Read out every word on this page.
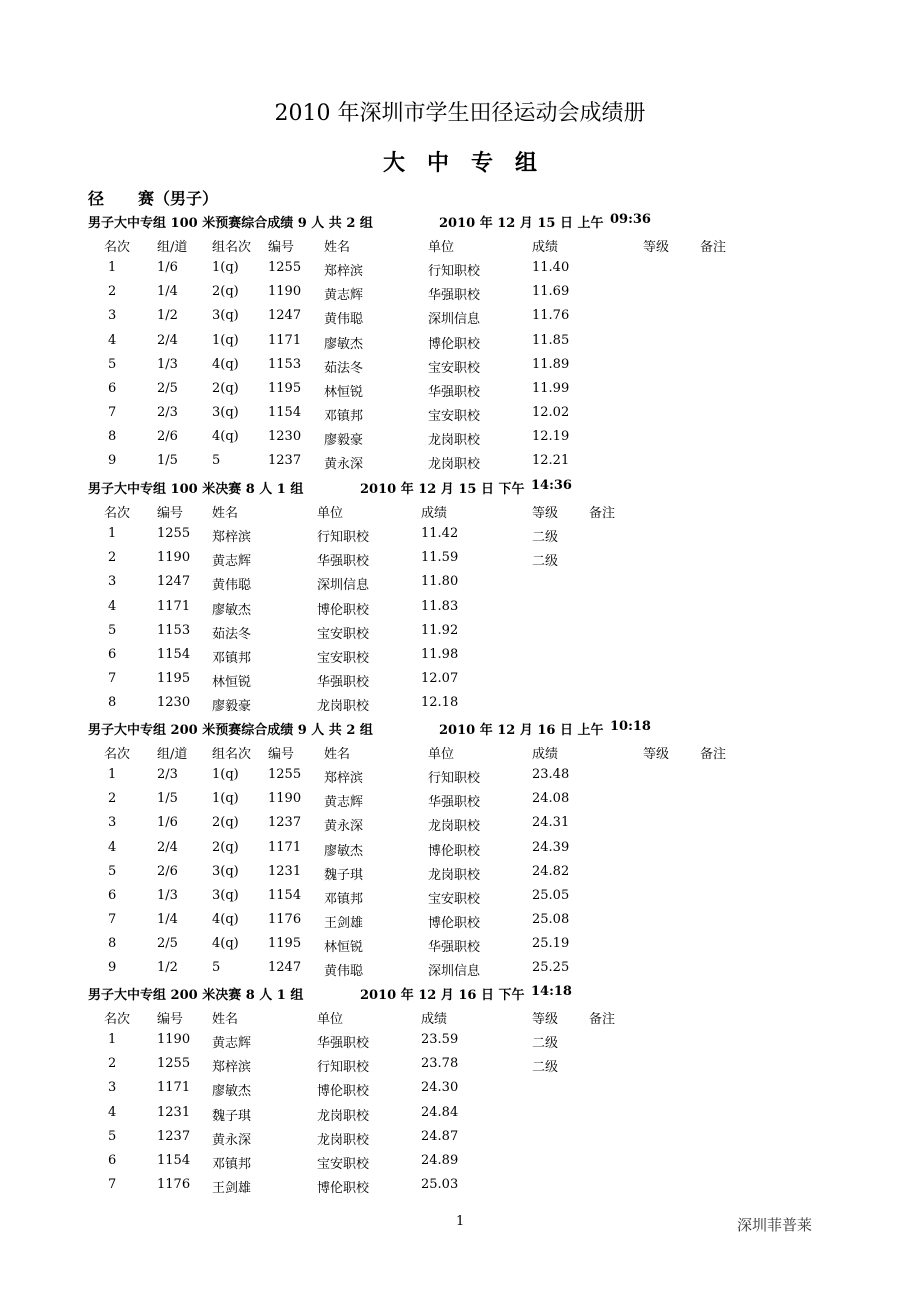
2010 年深圳市学生田径运动会成绩册
大中专组
径 赛（男子）
男子大中专组 100 米预赛综合成绩 9 人 共 2 组	2010 年 12 月 15 日 上午 09:36
名次 组/道 组名次 编号 姓名	单位	成绩	等级 备注
1	1/6	1(q) 1255 郑梓滨	行知职校	11.40
2	1/4	2(q) 1190 黄志辉	华强职校	11.69
3	1/2	3(q) 1247 黄伟聪	深圳信息	11.76
4	2/4	1(q) 1171 廖敏杰	博伦职校	11.85
5	1/3	4(q) 1153 茹法冬	宝安职校	11.89
6	2/5	2(q) 1195 林恒锐	华强职校	11.99
7	2/3	3(q) 1154 邓镇邦	宝安职校	12.02
8	2/6	4(q) 1230 廖毅豪	龙岗职校	12.19
9	1/5	5	1237 黄永深	龙岗职校	12.21
男子大中专组 100 米决赛 8 人 1 组	2010 年 12 月 15 日 下午 14:36
名次 编号 姓名	单位	成绩	等级 备注
1	1255 郑梓滨	行知职校	11.42	二级
2	1190 黄志辉	华强职校	11.59	二级
3	1247 黄伟聪	深圳信息	11.80
4	1171 廖敏杰	博伦职校	11.83
5	1153 茹法冬	宝安职校	11.92
6	1154 邓镇邦	宝安职校	11.98
7	1195 林恒锐	华强职校	12.07
8	1230 廖毅豪	龙岗职校	12.18
男子大中专组 200 米预赛综合成绩 9 人 共 2 组	2010 年 12 月 16 日 上午 10:18
名次 组/道 组名次 编号 姓名	单位	成绩	等级 备注
1	2/3	1(q) 1255 郑梓滨	行知职校	23.48
2	1/5	1(q) 1190 黄志辉	华强职校	24.08
3	1/6	2(q) 1237 黄永深	龙岗职校	24.31
4	2/4	2(q) 1171 廖敏杰	博伦职校	24.39
5	2/6	3(q) 1231 魏子琪	龙岗职校	24.82
6	1/3	3(q) 1154 邓镇邦	宝安职校	25.05
7	1/4	4(q) 1176 王剑雄	博伦职校	25.08
8	2/5	4(q) 1195 林恒锐	华强职校	25.19
9	1/2	5	1247 黄伟聪	深圳信息	25.25
男子大中专组 200 米决赛 8 人 1 组	2010 年 12 月 16 日 下午 14:18
名次 编号 姓名	单位	成绩	等级 备注
1	1190 黄志辉	华强职校	23.59	二级
2	1255 郑梓滨	行知职校	23.78	二级
3	1171 廖敏杰	博伦职校	24.30
4	1231 魏子琪	龙岗职校	24.84
5	1237 黄永深	龙岗职校	24.87
6	1154 邓镇邦	宝安职校	24.89
7	1176 王剑雄	博伦职校	25.03
1	深圳菲普莱
